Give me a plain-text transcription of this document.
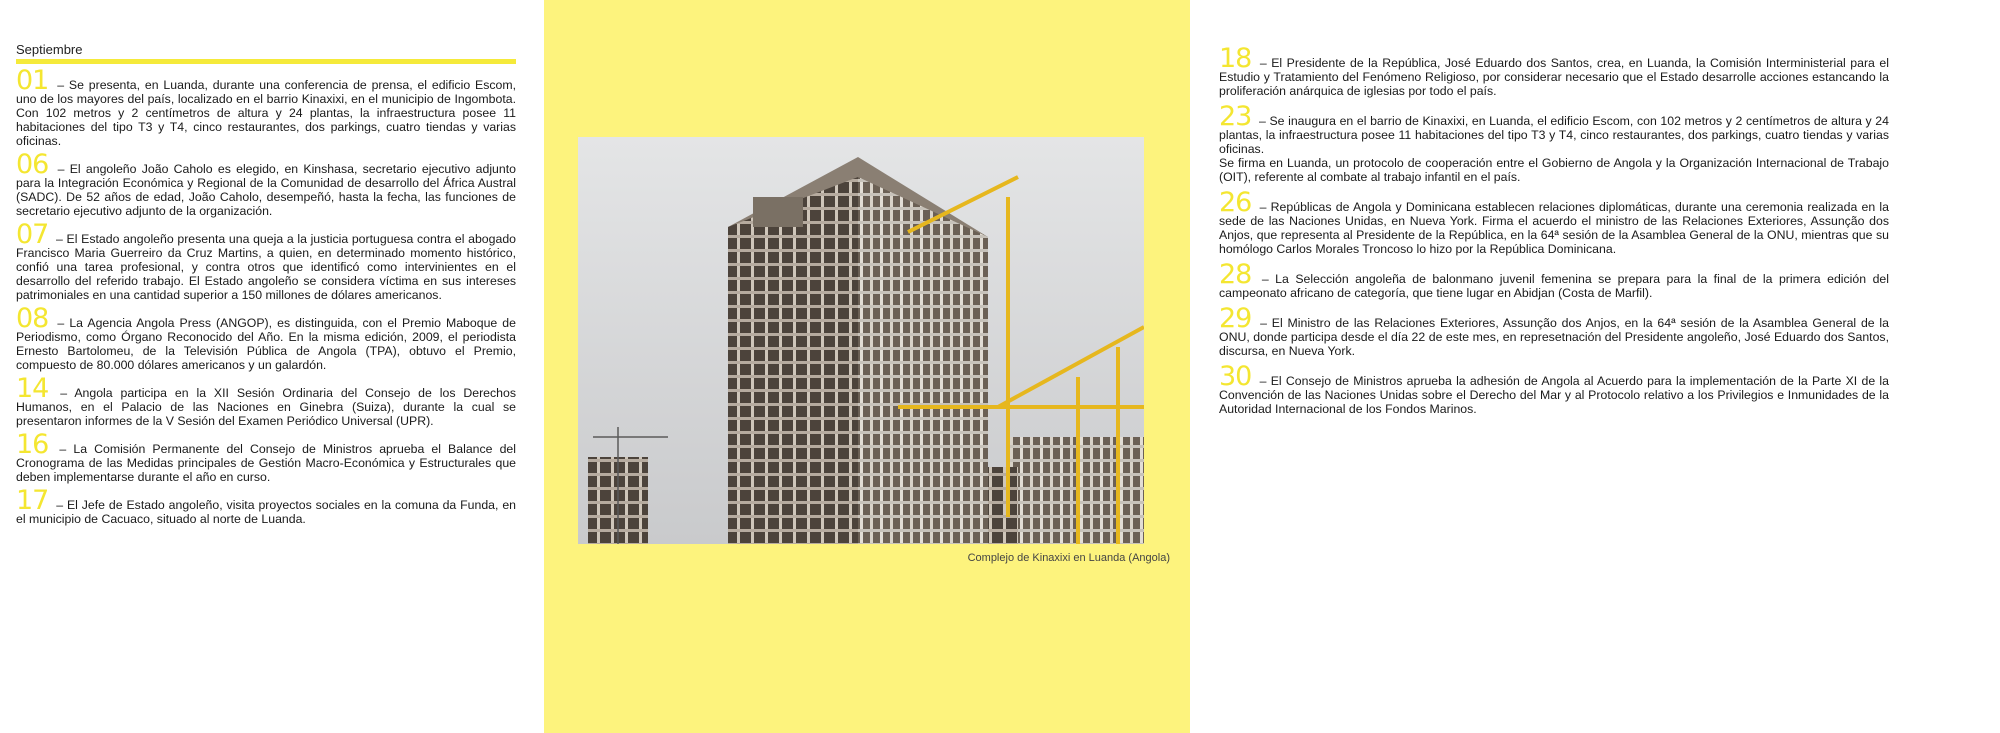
Septiembre
01 – Se presenta, en Luanda, durante una conferencia de prensa, el edificio Escom, uno de los mayores del país, localizado en el barrio Kinaxixi, en el municipio de Ingombota. Con 102 metros y 2 centímetros de altura y 24 plantas, la infraestructura posee 11 habitaciones del tipo T3 y T4, cinco restaurantes, dos parkings, cuatro tiendas y varias oficinas.
06 – El angoleño João Caholo es elegido, en Kinshasa, secretario ejecutivo adjunto para la Integración Económica y Regional de la Comunidad de desarrollo del África Austral (SADC). De 52 años de edad, João Caholo, desempeñó, hasta la fecha, las funciones de secretario ejecutivo adjunto de la organización.
07 – El Estado angoleño presenta una queja a la justicia portuguesa contra el abogado Francisco Maria Guerreiro da Cruz Martins, a quien, en determinado momento histórico, confió una tarea profesional, y contra otros que identificó como intervinientes en el desarrollo del referido trabajo. El Estado angoleño se considera víctima en sus intereses patrimoniales en una cantidad superior a 150 millones de dólares americanos.
08 – La Agencia Angola Press (ANGOP), es distinguida, con el Premio Maboque de Periodismo, como Órgano Reconocido del Año. En la misma edición, 2009, el periodista Ernesto Bartolomeu, de la Televisión Pública de Angola (TPA), obtuvo el Premio, compuesto de 80.000 dólares americanos y un galardón.
14 – Angola participa en la XII Sesión Ordinaria del Consejo de los Derechos Humanos, en el Palacio de las Naciones en Ginebra (Suiza), durante la cual se presentaron informes de la V Sesión del Examen Periódico Universal (UPR).
16 – La Comisión Permanente del Consejo de Ministros aprueba el Balance del Cronograma de las Medidas principales de Gestión Macro-Económica y Estructurales que deben implementarse durante el año en curso.
17 – El Jefe de Estado angoleño, visita proyectos sociales en la comuna da Funda, en el municipio de Cacuaco, situado al norte de Luanda.
Complejo de Kinaxixi en Luanda (Angola)
18 – El Presidente de la República, José Eduardo dos Santos, crea, en Luanda, la Comisión Interministerial para el Estudio y Tratamiento del Fenómeno Religioso, por considerar necesario que el Estado desarrolle acciones estancando la proliferación anárquica de iglesias por todo el país.
23 – Se inaugura en el barrio de Kinaxixi, en Luanda, el edificio Escom, con 102 metros y 2 centímetros de altura y 24 plantas, la infraestructura posee 11 habitaciones del tipo T3 y T4, cinco restaurantes, dos parkings, cuatro tiendas y varias oficinas.
Se firma en Luanda, un protocolo de cooperación entre el Gobierno de Angola y la Organización Internacional de Trabajo (OIT), referente al combate al trabajo infantil en el país.
26 – Repúblicas de Angola y Dominicana establecen relaciones diplomáticas, durante una ceremonia realizada en la sede de las Naciones Unidas, en Nueva York. Firma el acuerdo el ministro de las Relaciones Exteriores, Assunção dos Anjos, que representa al Presidente de la República, en la 64ª sesión de la Asamblea General de la ONU, mientras que su homólogo Carlos Morales Troncoso lo hizo por la República Dominicana.
28 – La Selección angoleña de balonmano juvenil femenina se prepara para la final de la primera edición del campeonato africano de categoría, que tiene lugar en Abidjan (Costa de Marfil).
29 – El Ministro de las Relaciones Exteriores, Assunção dos Anjos, en la 64ª sesión de la Asamblea General de la ONU, donde participa desde el día 22 de este mes, en represetnación del Presidente angoleño, José Eduardo dos Santos, discursa, en Nueva York.
30 – El Consejo de Ministros aprueba la adhesión de Angola al Acuerdo para la implementación de la Parte XI de la Convención de las Naciones Unidas sobre el Derecho del Mar y al Protocolo relativo a los Privilegios e Inmunidades de la Autoridad Internacional de los Fondos Marinos.
